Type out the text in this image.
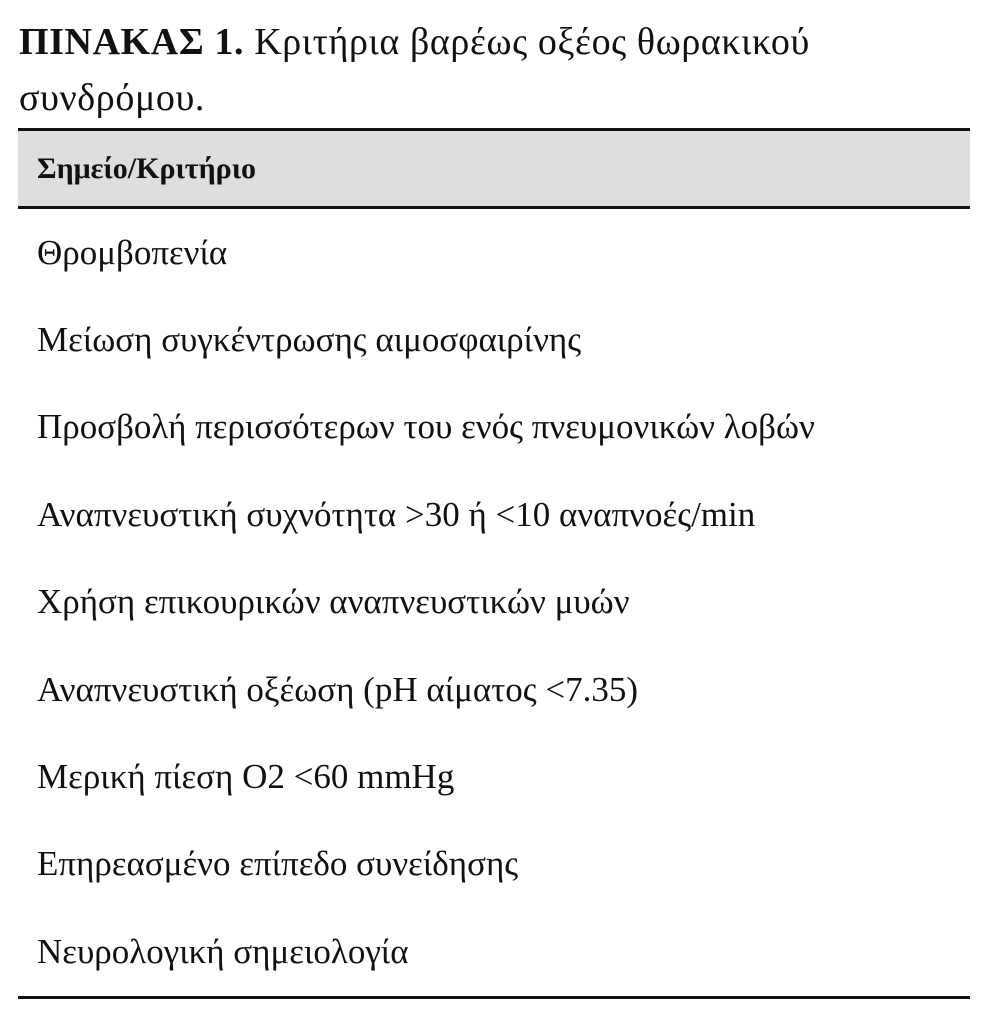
ΠΙΝΑΚΑΣ 1. Κριτήρια βαρέως οξέος θωρακικού συνδρόμου.
Σημείο/Κριτήριο
Θρομβοπενία
Μείωση συγκέντρωσης αιμοσφαιρίνης
Προσβολή περισσότερων του ενός πνευμονικών λοβών
Αναπνευστική συχνότητα >30 ή <10 αναπνοές/min
Χρήση επικουρικών αναπνευστικών μυών
Αναπνευστική οξέωση (pH αίματος <7.35)
Μερική πίεση O2 <60 mmHg
Επηρεασμένο επίπεδο συνείδησης
Νευρολογική σημειολογία
